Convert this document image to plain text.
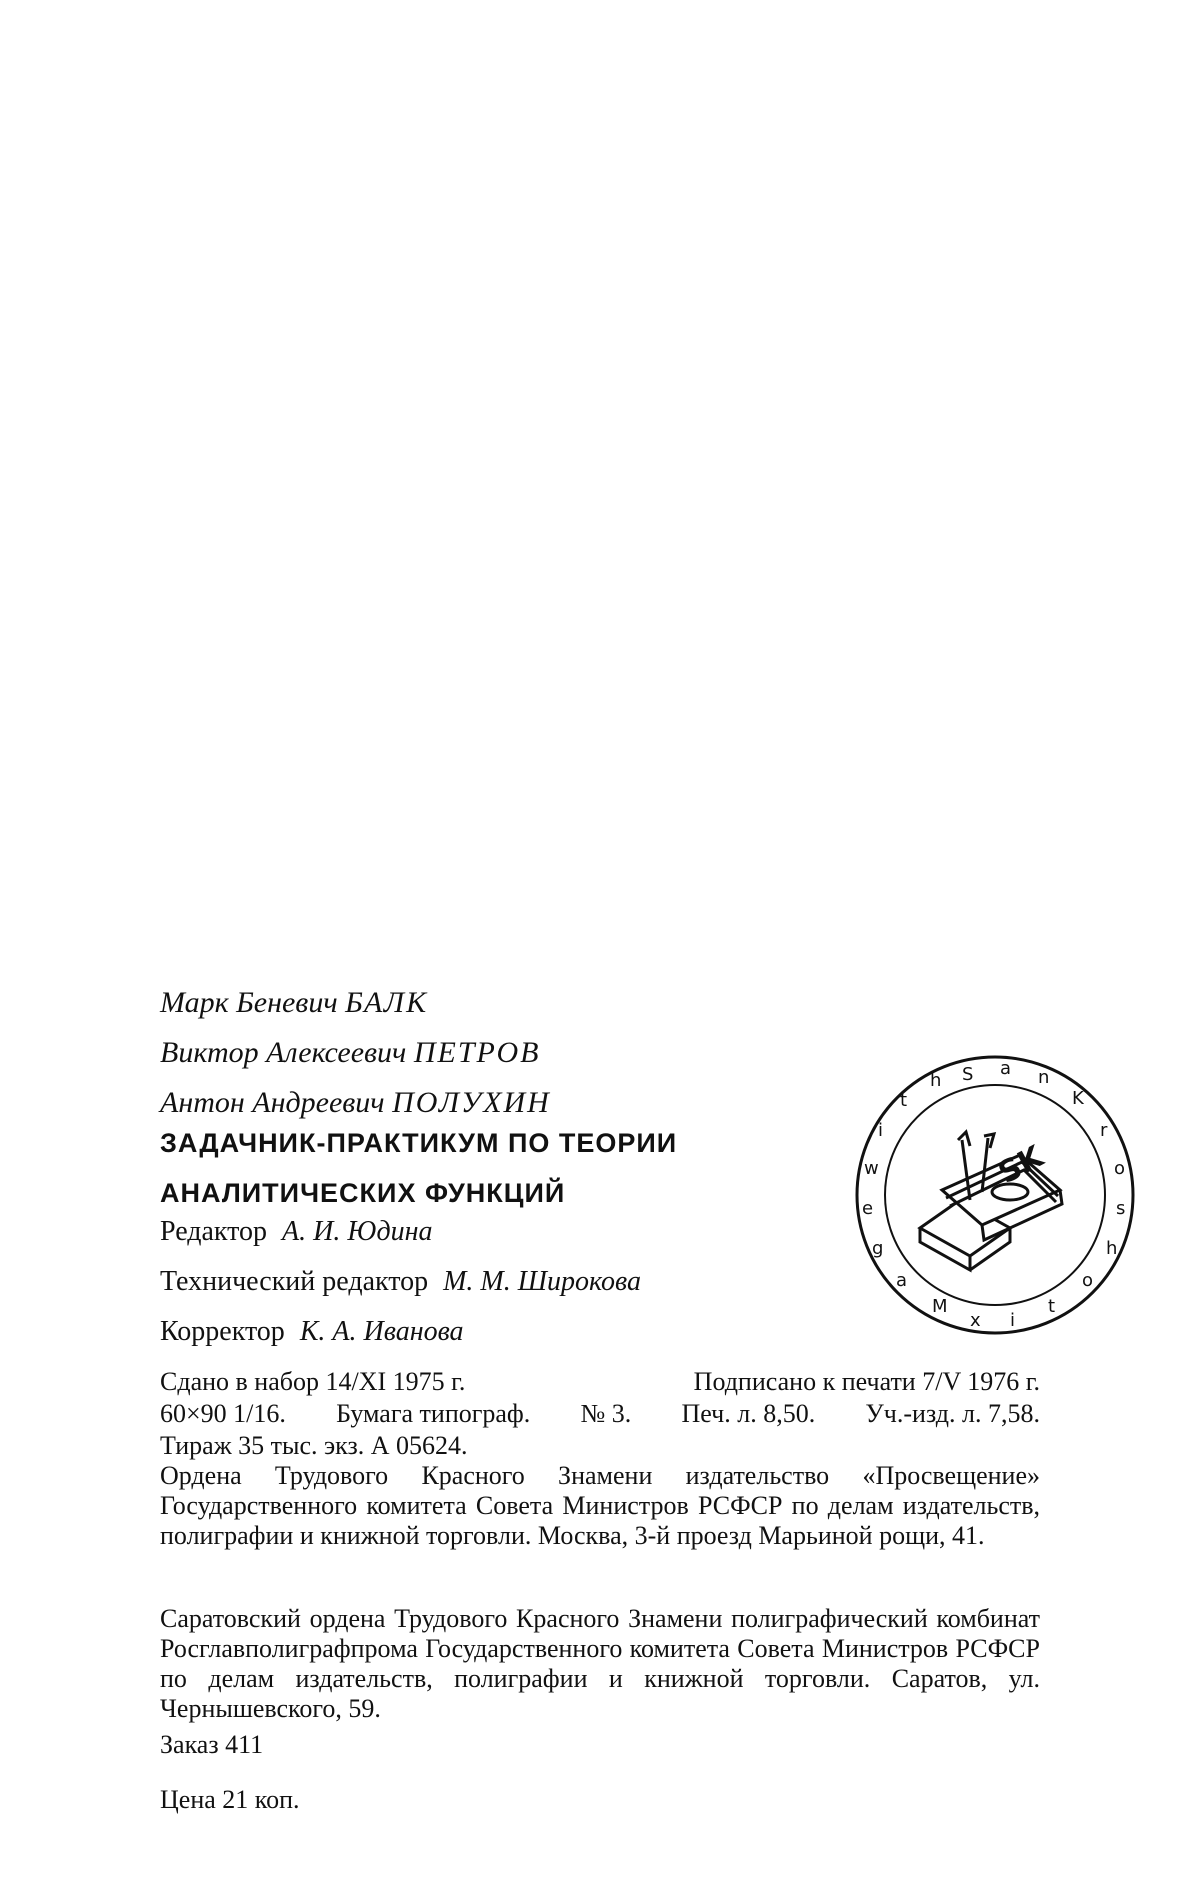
Марк Беневич БАЛК
Виктор Алексеевич ПЕТРОВ
Антон Андреевич ПОЛУХИН
ЗАДАЧНИК-ПРАКТИКУМ ПО ТЕОРИИ
АНАЛИТИЧЕСКИХ ФУНКЦИЙ
Редактор А. И. Юдина
Технический редактор М. М. Широкова
Корректор К. А. Иванова
S a n
K
r
o
s
h
o
t
i
x
M
a
g
e
w
i
t
h
SK
Сдано в набор 14/XI 1975 г.	Подписано к печати 7/V 1976 г.
60×90 1/16. Бумага типограф. № 3. Печ. л. 8,50. Уч.-изд. л. 7,58.
Тираж 35 тыс. экз. А 05624.
Ордена Трудового Красного Знамени издательство «Просвещение» Государственного комитета Совета Министров РСФСР по делам издательств, полиграфии и книжной торговли. Москва, 3-й проезд Марьиной рощи, 41.
Саратовский ордена Трудового Красного Знамени полиграфический комбинат Росглавполиграфпрома Государственного комитета Совета Министров РСФСР по делам издательств, полиграфии и книжной торговли. Саратов, ул. Чернышевского, 59.
Заказ 411
Цена 21 коп.
